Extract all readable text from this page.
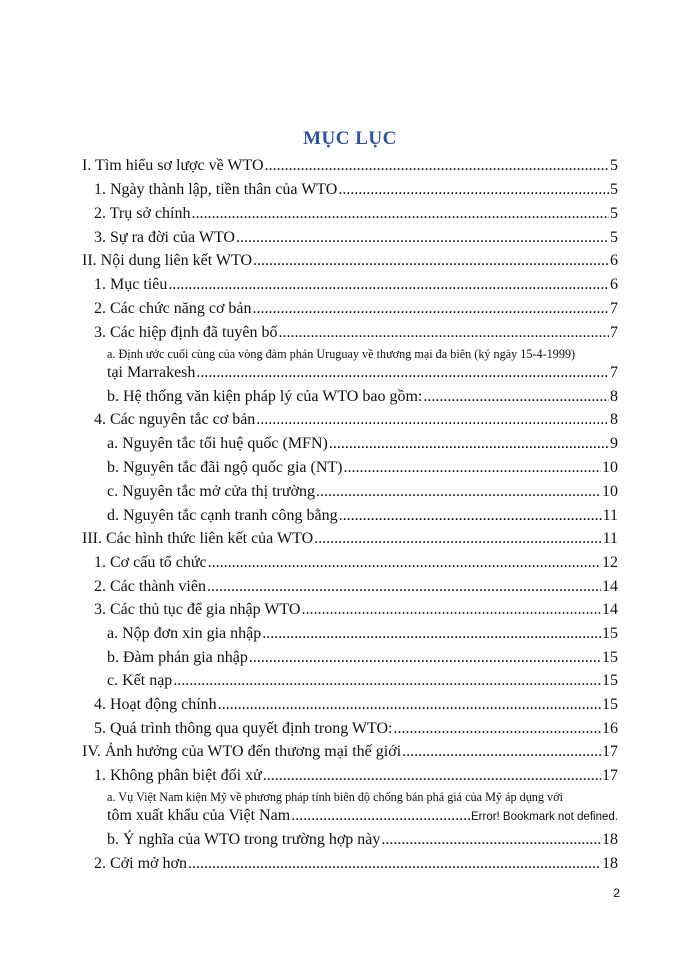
MỤC LỤC
I. Tìm hiểu sơ lược về WTO .....	5
1. Ngày thành lập, tiền thân của WTO .....	5
2. Trụ sở chính .....	5
3. Sự ra đời của WTO .....	5
II. Nội dung liên kết WTO .....	6
1. Mục tiêu .....	6
2. Các chức năng cơ bản .....	7
3. Các hiệp định đã tuyên bố .....	7
a. Định ước cuối cùng của vòng đàm phán Uruguay về thương mại đa biên (ký ngày 15-4-1999)
tại Marrakesh .....	7
b. Hệ thống văn kiện pháp lý của WTO bao gồm: .....	8
4. Các nguyên tắc cơ bản .....	8
a. Nguyên tắc tối huệ quốc (MFN) .....	9
b. Nguyên tắc đãi ngộ quốc gia (NT) .....	10
c. Nguyên tắc mở cửa thị trường .....	10
d. Nguyên tắc cạnh tranh công bằng .....	11
III. Các hình thức liên kết của WTO .....	11
1. Cơ cấu tổ chức .....	12
2. Các thành viên .....	14
3. Các thủ tục để gia nhập WTO .....	14
a. Nộp đơn xin gia nhập .....	15
b. Đàm phán gia nhập .....	15
c. Kết nạp .....	15
4. Hoạt động chính .....	15
5. Quá trình thông qua quyết định trong WTO: .....	16
IV. Ảnh hưởng của WTO đến thương mại thế giới .....	17
1. Không phân biệt đối xử .....	17
a. Vụ Việt Nam kiện Mỹ về phương pháp tính biên độ chống bán phá giá của Mỹ áp dụng với
tôm xuất khẩu của Việt Nam .....	Error! Bookmark not defined.
b. Ý nghĩa của WTO trong trường hợp này .....	18
2. Cởi mở hơn .....	18
2
